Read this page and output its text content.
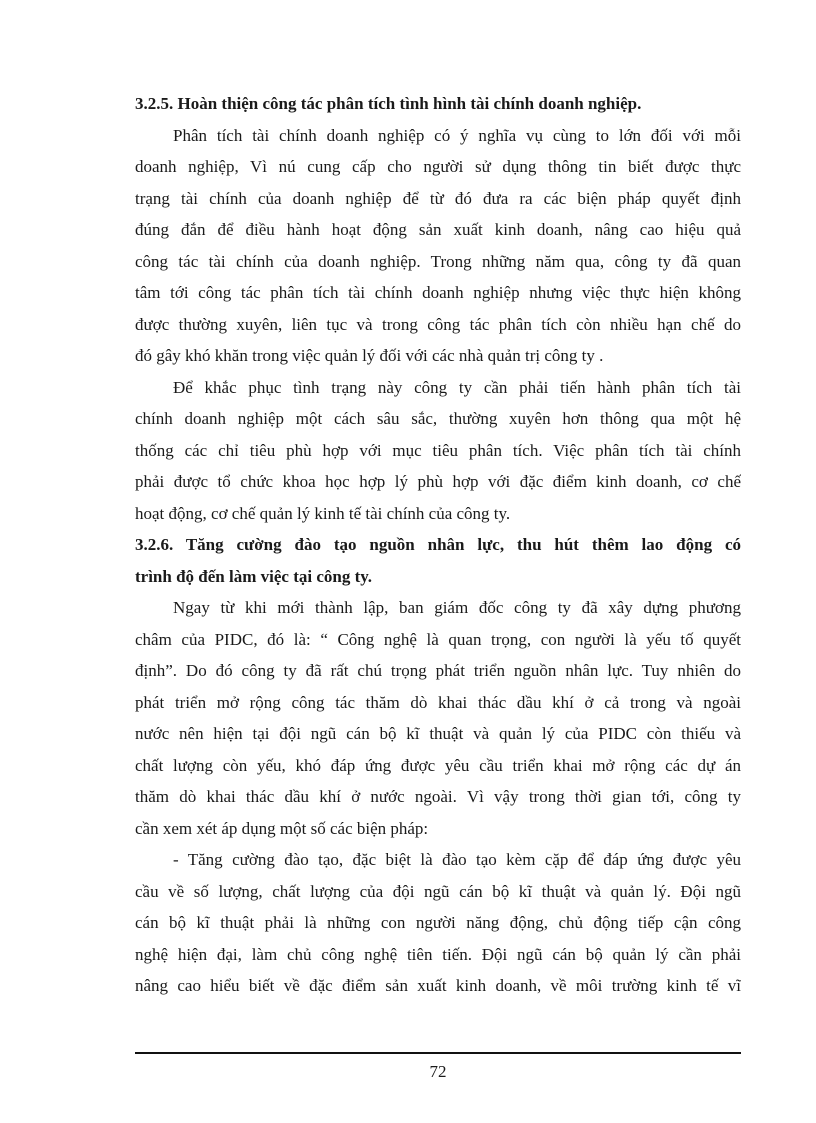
3.2.5. Hoàn thiện công tác phân tích tình hình tài chính doanh nghiệp.
Phân tích tài chính doanh nghiệp có ý nghĩa vụ cùng to lớn đối với mỗi
doanh nghiệp, Vì nú cung cấp cho người sử dụng thông tin biết được thực
trạng tài chính của doanh nghiệp để từ đó đưa ra các biện pháp quyết định
đúng đắn để điều hành hoạt động sản xuất kinh doanh, nâng cao hiệu quả
công tác tài chính của doanh nghiệp. Trong những năm qua, công ty đã quan
tâm tới công tác phân tích tài chính doanh nghiệp nhưng việc thực hiện không
được thường xuyên, liên tục và trong công tác phân tích còn nhiều hạn chế do
đó gây khó khăn trong việc quản lý đối với các nhà quản trị công ty .
Để khắc phục tình trạng này công ty cần phải tiến hành phân tích tài
chính doanh nghiệp một cách sâu sắc, thường xuyên hơn thông qua một hệ
thống các chỉ tiêu phù hợp với mục tiêu phân tích. Việc phân tích tài chính
phải được tổ chức khoa học hợp lý phù hợp với đặc điểm kinh doanh, cơ chế
hoạt động, cơ chế quản lý kinh tế tài chính của công ty.
3.2.6. Tăng cường đào tạo nguồn nhân lực, thu hút thêm lao động có
trình độ đến làm việc tại công ty.
Ngay từ khi mới thành lập, ban giám đốc công ty đã xây dựng phương
châm của PIDC, đó là: “ Công nghệ là quan trọng, con người là yếu tố quyết
định”. Do đó công ty đã rất chú trọng phát triển nguồn nhân lực. Tuy nhiên do
phát triển mở rộng công tác thăm dò khai thác dầu khí ở cả trong và ngoài
nước nên hiện tại đội ngũ cán bộ kĩ thuật và quản lý của PIDC còn thiếu và
chất lượng còn yếu, khó đáp ứng được yêu cầu triển khai mở rộng các dự án
thăm dò khai thác dầu khí ở nước ngoài. Vì vậy trong thời gian tới, công ty
cần xem xét áp dụng một số các biện pháp:
- Tăng cường đào tạo, đặc biệt là đào tạo kèm cặp để đáp ứng được yêu
cầu về số lượng, chất lượng của đội ngũ cán bộ kĩ thuật và quản lý. Đội ngũ
cán bộ kĩ thuật phải là những con người năng động, chủ động tiếp cận công
nghệ hiện đại, làm chủ công nghệ tiên tiến. Đội ngũ cán bộ quản lý cần phải
nâng cao hiểu biết về đặc điểm sản xuất kinh doanh, về môi trường kinh tế vĩ
72
